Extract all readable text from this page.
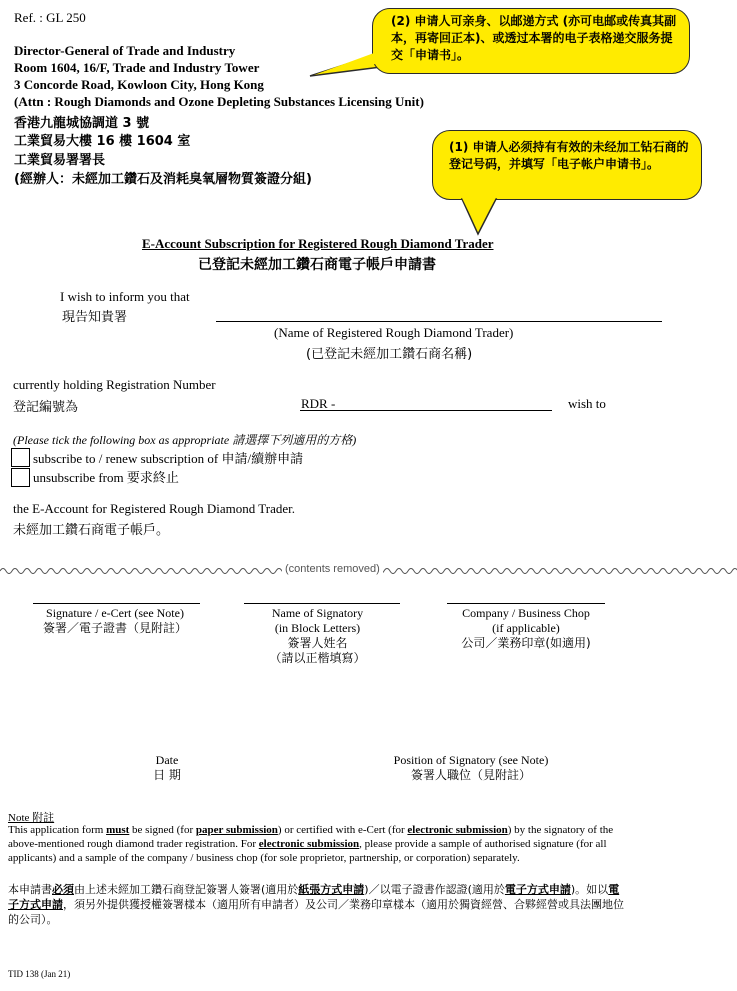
Ref. : GL 250
Director-General of Trade and Industry
Room 1604, 16/F, Trade and Industry Tower
3 Concorde Road, Kowloon City, Hong Kong
(Attn : Rough Diamonds and Ozone Depleting Substances Licensing Unit)
香港九龍城協調道 3 號
工業貿易大樓 16 樓 1604 室
工業貿易署署長
(經辦人：未經加工鑽石及消耗臭氧層物質簽證分組)
(2) 申请人可亲身、以邮递方式 (亦可电邮或传真其副本，再寄回正本)、或透过本署的电子表格递交服务提交「申请书」。
(1) 申请人必须持有有效的未经加工钻石商的登记号码，并填写「电子帐户申请书」。
E-Account Subscription for Registered Rough Diamond Trader
已登記未經加工鑽石商電子帳戶申請書
I wish to inform you that
現告知貴署
(Name of Registered Rough Diamond Trader)
(已登記未經加工鑽石商名稱)
currently holding Registration Number
登記編號為	RDR -	wish to
(Please tick the following box as appropriate 請選擇下列適用的方格)
subscribe to / renew subscription of 申請/續辦申請
unsubscribe from 要求終止
the E-Account for Registered Rough Diamond Trader.
未經加工鑽石商電子帳戶。
(contents removed)
Signature / e-Cert (see Note)
簽署／電子證書（見附註）
Name of Signatory
(in Block Letters)
簽署人姓名
（請以正楷填寫）
Company / Business Chop
(if applicable)
公司／業務印章(如適用)
Date
日 期
Position of Signatory (see Note)
簽署人職位（見附註）
Note 附註
This application form must be signed (for paper submission) or certified with e-Cert (for electronic submission) by the signatory of the above-mentioned rough diamond trader registration. For electronic submission, please provide a sample of authorised signature (for all applicants) and a sample of the company / business chop (for sole proprietor, partnership, or corporation) separately.
本申請書必須由上述未經加工鑽石商登記簽署人簽署(適用於紙張方式申請)／以電子證書作認證(適用於電子方式申請)。如以電子方式申請，須另外提供獲授權簽署樣本（適用所有申請者）及公司／業務印章樣本（適用於獨資經營、合夥經營或具法團地位的公司）。
TID 138 (Jan 21)
